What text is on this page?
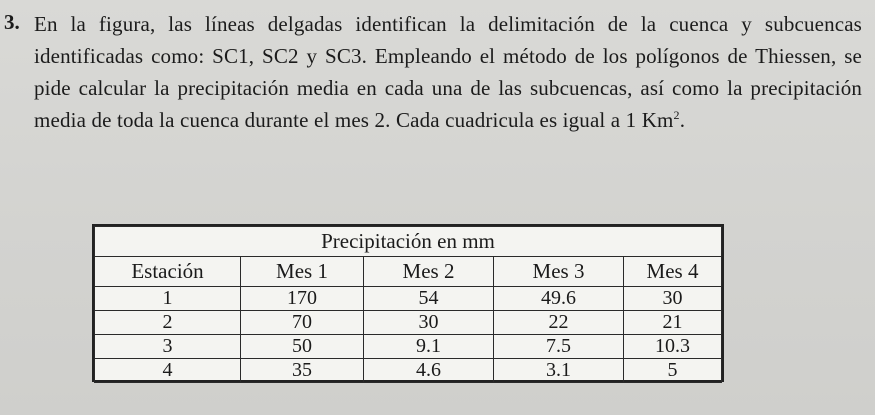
3. En la figura, las líneas delgadas identifican la delimitación de la cuenca y subcuencas identificadas como: SC1, SC2 y SC3. Empleando el método de los polígonos de Thiessen, se pide calcular la precipitación media en cada una de las subcuencas, así como la precipitación media de toda la cuenca durante el mes 2. Cada cuadricula es igual a 1 Km$^2$.
Precipitación en mm				
Estación	Mes 1	Mes 2	Mes 3	Mes 4
1	170	54	49.6	30
2	70	30	22	21
3	50	9.1	7.5	10.3
4	35	4.6	3.1	5
